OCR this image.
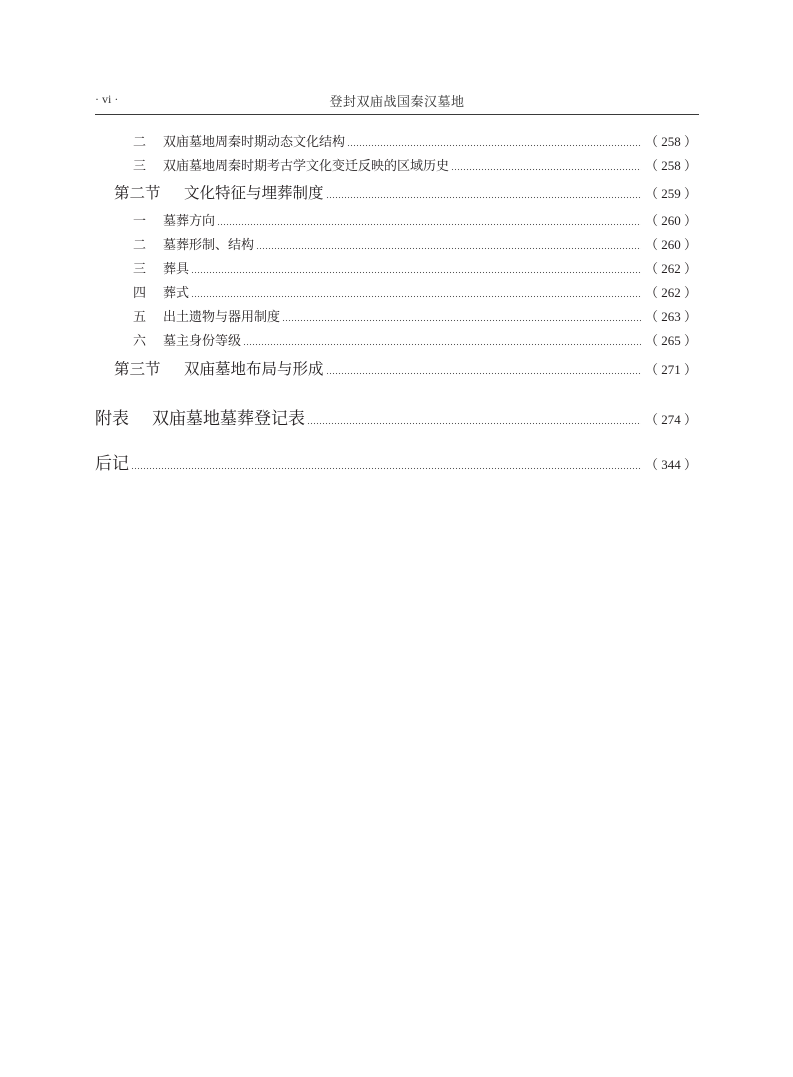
· vi ·	登封双庙战国秦汉墓地
二	双庙墓地周秦时期动态文化结构	（ 258 ）
三	双庙墓地周秦时期考古学文化变迁反映的区域历史	（ 258 ）
第二节	文化特征与埋葬制度	（ 259 ）
一	墓葬方向	（ 260 ）
二	墓葬形制、结构	（ 260 ）
三	葬具	（ 262 ）
四	葬式	（ 262 ）
五	出土遗物与器用制度	（ 263 ）
六	墓主身份等级	（ 265 ）
第三节	双庙墓地布局与形成	（ 271 ）
附表	双庙墓地墓葬登记表	（ 274 ）
后记	（ 344 ）
